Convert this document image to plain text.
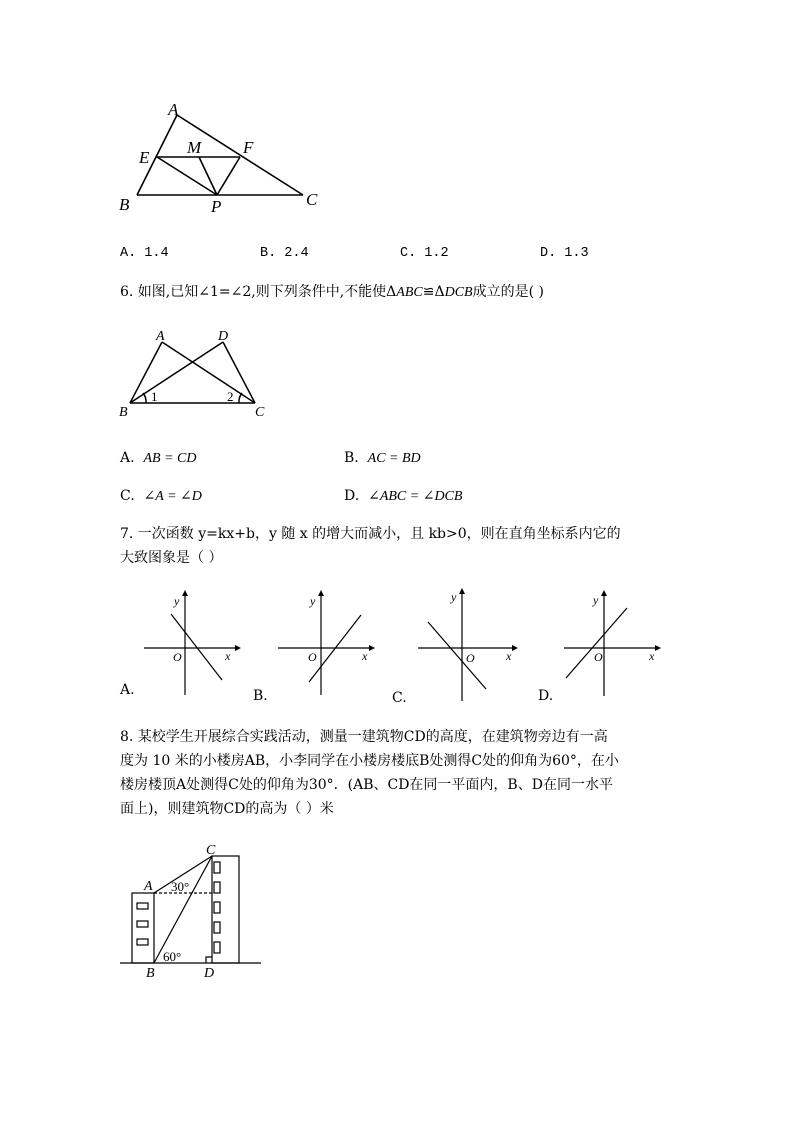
A
E
M F
B	P	C
A. 1.4	B. 2.4	C. 1.2	D. 1.3
6. 如图,已知∠1=∠2,则下列条件中,不能使ΔABC≌ΔDCB成立的是( )
A	D
B	C
1	2
A. AB = CD	B. AC = BD
C. ∠A = ∠D	D. ∠ABC = ∠DCB
7. 一次函数 y=kx+b，y 随 x 的增大而减小，且 kb>0，则在直角坐标系内它的
大致图象是（ ）
y
x
O
A.
y
x
O
B.
y
x
O
C.
y
x
O
D.
8. 某校学生开展综合实践活动，测量一建筑物CD的高度，在建筑物旁边有一高
度为 10 米的小楼房AB，小李同学在小楼房楼底B处测得C处的仰角为60°，在小
楼房楼顶A处测得C处的仰角为30°．(AB、CD在同一平面内，B、D在同一水平
面上)，则建筑物CD的高为（ ）米
C
A 30°
60°
B	D
